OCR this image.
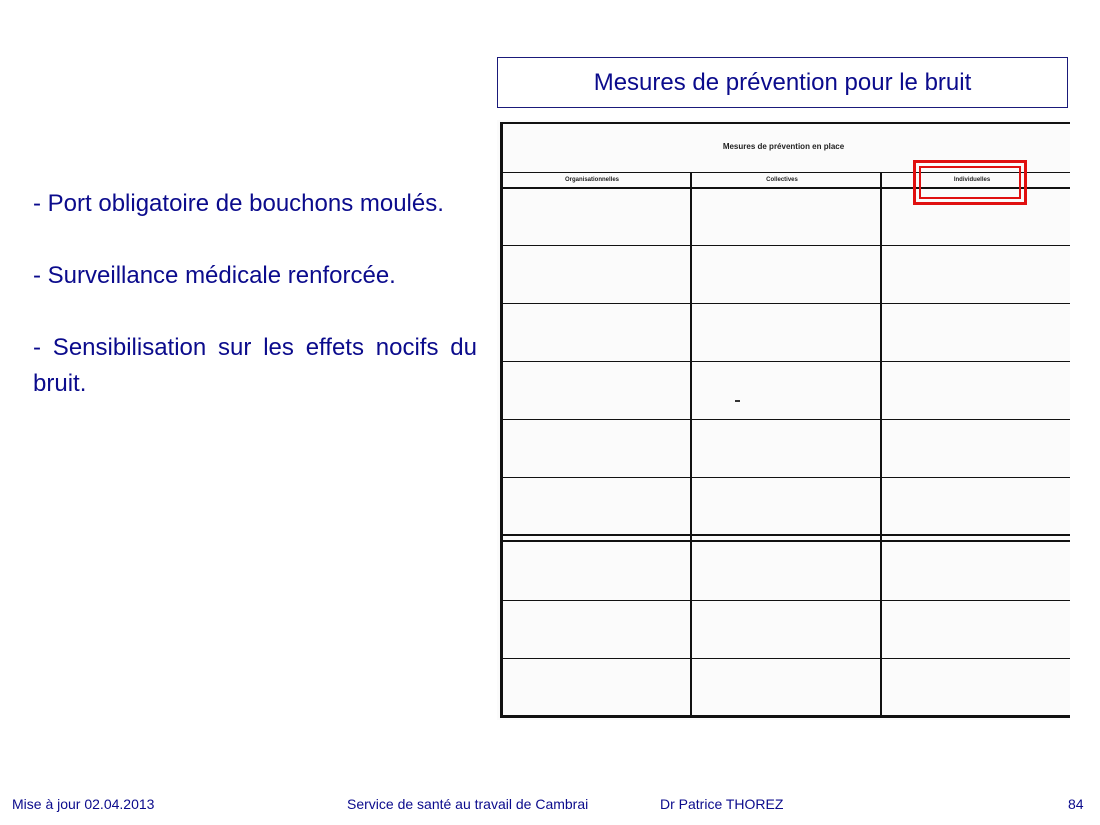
Mesures de prévention pour le bruit

- Port obligatoire de bouchons moulés.

- Surveillance médicale renforcée.

- Sensibilisation sur les effets nocifs du bruit.

Mesures de prévention en place
Organisationnelles	Collectives	Individuelles
Mise à jour 02.04.2013	Service de santé au travail de Cambrai	Dr Patrice THOREZ	84
